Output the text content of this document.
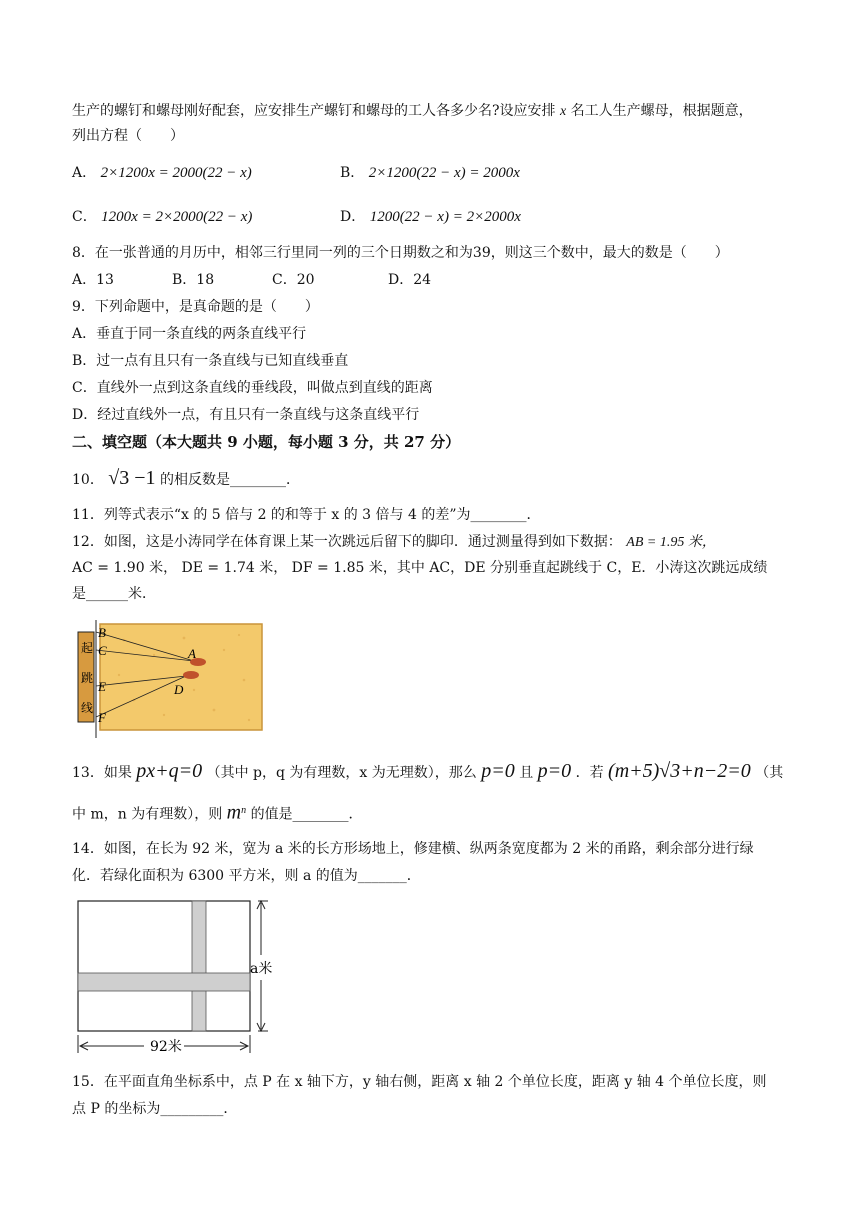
生产的螺钉和螺母刚好配套，应安排生产螺钉和螺母的工人各多少名?设应安排 x 名工人生产螺母，根据题意，
列出方程（　　）
A． 2×1200x = 2000(22 − x)	B． 2×1200(22 − x) = 2000x
C． 1200x = 2×2000(22 − x)	D． 1200(22 − x) = 2×2000x
8．在一张普通的月历中，相邻三行里同一列的三个日期数之和为39，则这三个数中，最大的数是（　　）
A．13	B．18	C．20	D．24
9．下列命题中，是真命题的是（　　）
A．垂直于同一条直线的两条直线平行
B．过一点有且只有一条直线与已知直线垂直
C．直线外一点到这条直线的垂线段，叫做点到直线的距离
D．经过直线外一点，有且只有一条直线与这条直线平行
二、填空题（本大题共 9 小题，每小题 3 分，共 27 分）
10． √3 −1 的相反数是________．
11．列等式表示“x 的 5 倍与 2 的和等于 x 的 3 倍与 4 的差”为________．
12．如图，这是小涛同学在体育课上某一次跳远后留下的脚印．通过测量得到如下数据： AB = 1.95 米，
AC = 1.90 米， DE = 1.74 米， DF = 1.85 米，其中 AC，DE 分别垂直起跳线于 C，E．小涛这次跳远成绩
是______米．
起
跳
线
B
C
E
F
A
D
13．如果 px+q=0 （其中 p，q 为有理数，x 为无理数），那么 p=0 且 p=0 ．若 (m+5)√3+n−2=0 （其
中 m，n 为有理数），则 $m^n$ 的值是________．
14．如图，在长为 92 米，宽为 a 米的长方形场地上，修建横、纵两条宽度都为 2 米的甬路，剩余部分进行绿
化．若绿化面积为 6300 平方米，则 a 的值为_______．
a米
92米
15．在平面直角坐标系中，点 P 在 x 轴下方，y 轴右侧，距离 x 轴 2 个单位长度，距离 y 轴 4 个单位长度，则
点 P 的坐标为_________．
